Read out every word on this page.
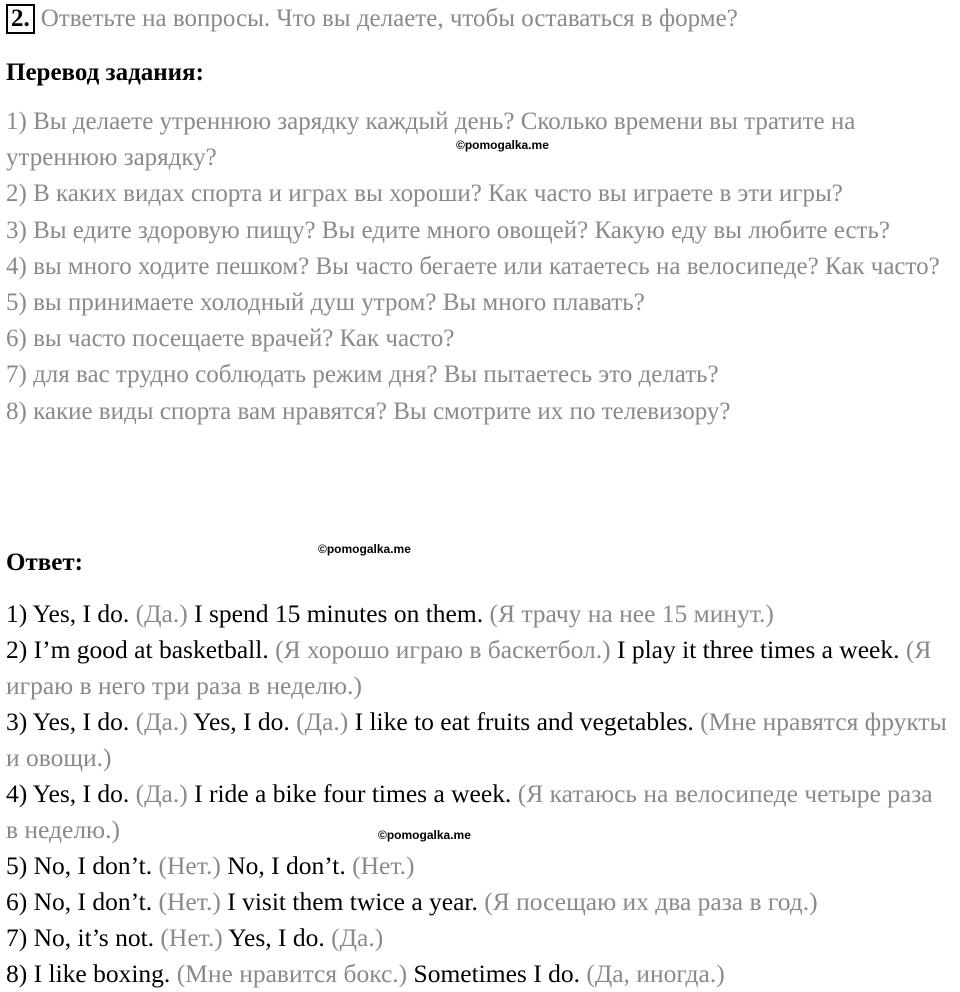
2. Ответьте на вопросы. Что вы делаете, чтобы оставаться в форме?
Перевод задания:
©pomogalka.me

1) Вы делаете утреннюю зарядку каждый день? Сколько времени вы тратите на утреннюю зарядку?

2) В каких видах спорта и играх вы хороши? Как часто вы играете в эти игры?

3) Вы едите здоровую пищу? Вы едите много овощей? Какую еду вы любите есть?

4) вы много ходите пешком? Вы часто бегаете или катаетесь на велосипеде? Как часто?

5) вы принимаете холодный душ утром? Вы много плавать?

6) вы часто посещаете врачей? Как часто?

7) для вас трудно соблюдать режим дня? Вы пытаетесь это делать?

8) какие виды спорта вам нравятся? Вы смотрите их по телевизору?

Ответ:	©pomogalka.me

1) Yes, I do. (Да.) I spend 15 minutes on them. (Я трачу на нее 15 минут.)

2) I’m good at basketball. (Я хорошо играю в баскетбол.) I play it three times a week. (Я играю в него три раза в неделю.)

3) Yes, I do. (Да.) Yes, I do. (Да.) I like to eat fruits and vegetables. (Мне нравятся фрукты и овощи.)

4) Yes, I do. (Да.) I ride a bike four times a week. (Я катаюсь на велосипеде четыре раза в неделю.)

5) No, I don’t. (Нет.) No, I don’t. (Нет.)

6) No, I don’t. (Нет.) I visit them twice a year. (Я посещаю их два раза в год.)

7) No, it’s not. (Нет.) Yes, I do. (Да.)

8) I like boxing. (Мне нравится бокс.) Sometimes I do. (Да, иногда.)

©pomogalka.me
